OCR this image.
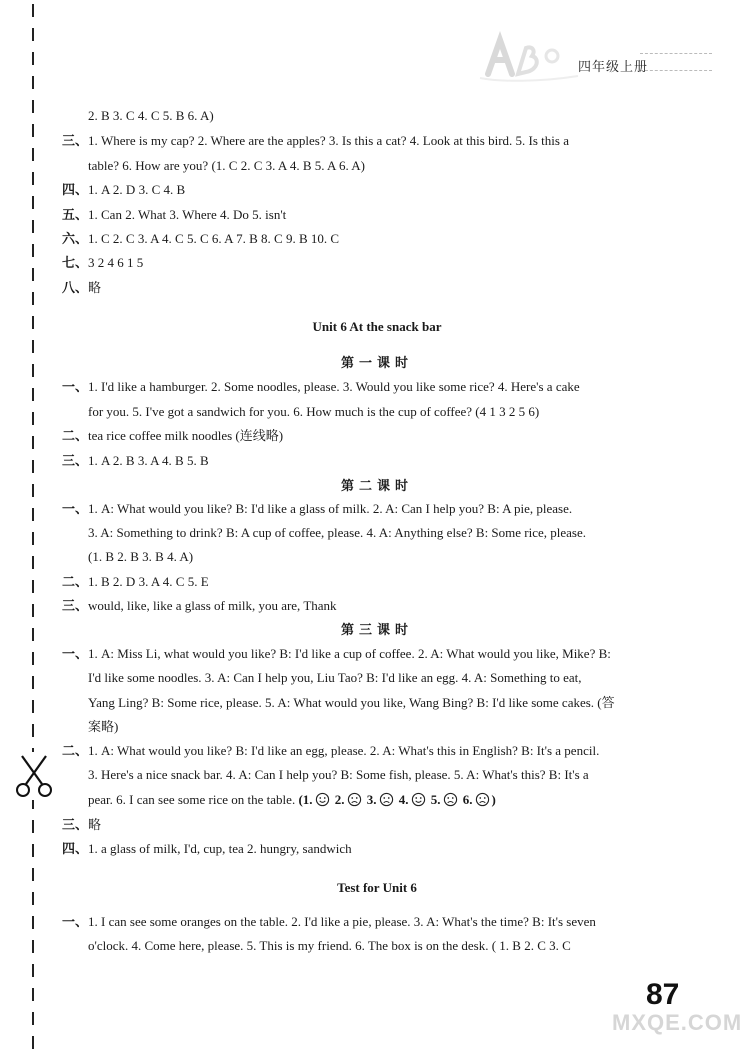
四年级上册
2. B 3. C 4. C 5. B 6. A)
三、1. Where is my cap? 2. Where are the apples? 3. Is this a cat? 4. Look at this bird. 5. Is this a
table? 6. How are you? (1. C 2. C 3. A 4. B 5. A 6. A)
四、1. A 2. D 3. C 4. B
五、1. Can 2. What 3. Where 4. Do 5. isn't
六、1. C 2. C 3. A 4. C 5. C 6. A 7. B 8. C 9. B 10. C
七、3 2 4 6 1 5
八、略
Unit 6 At the snack bar
第一课时
一、1. I'd like a hamburger. 2. Some noodles, please. 3. Would you like some rice? 4. Here's a cake
for you. 5. I've got a sandwich for you. 6. How much is the cup of coffee? (4 1 3 2 5 6)
二、tea rice coffee milk noodles (连线略)
三、1. A 2. B 3. A 4. B 5. B
第二课时
一、1. A: What would you like? B: I'd like a glass of milk. 2. A: Can I help you? B: A pie, please.
3. A: Something to drink? B: A cup of coffee, please. 4. A: Anything else? B: Some rice, please.
(1. B 2. B 3. B 4. A)
二、1. B 2. D 3. A 4. C 5. E
三、would, like, like a glass of milk, you are, Thank
第三课时
一、1. A: Miss Li, what would you like? B: I'd like a cup of coffee. 2. A: What would you like, Mike? B:
I'd like some noodles. 3. A: Can I help you, Liu Tao? B: I'd like an egg. 4. A: Something to eat,
Yang Ling? B: Some rice, please. 5. A: What would you like, Wang Bing? B: I'd like some cakes. (答
案略)
二、1. A: What would you like? B: I'd like an egg, please. 2. A: What's this in English? B: It's a pencil.
3. Here's a nice snack bar. 4. A: Can I help you? B: Some fish, please. 5. A: What's this? B: It's a
pear. 6. I can see some rice on the table. (1. 2. 3. 4. 5. 6. )
三、略
四、1. a glass of milk, I'd, cup, tea 2. hungry, sandwich
Test for Unit 6
一、1. I can see some oranges on the table. 2. I'd like a pie, please. 3. A: What's the time? B: It's seven
o'clock. 4. Come here, please. 5. This is my friend. 6. The box is on the desk. ( 1. B 2. C 3. C
87
MXQE.COM
